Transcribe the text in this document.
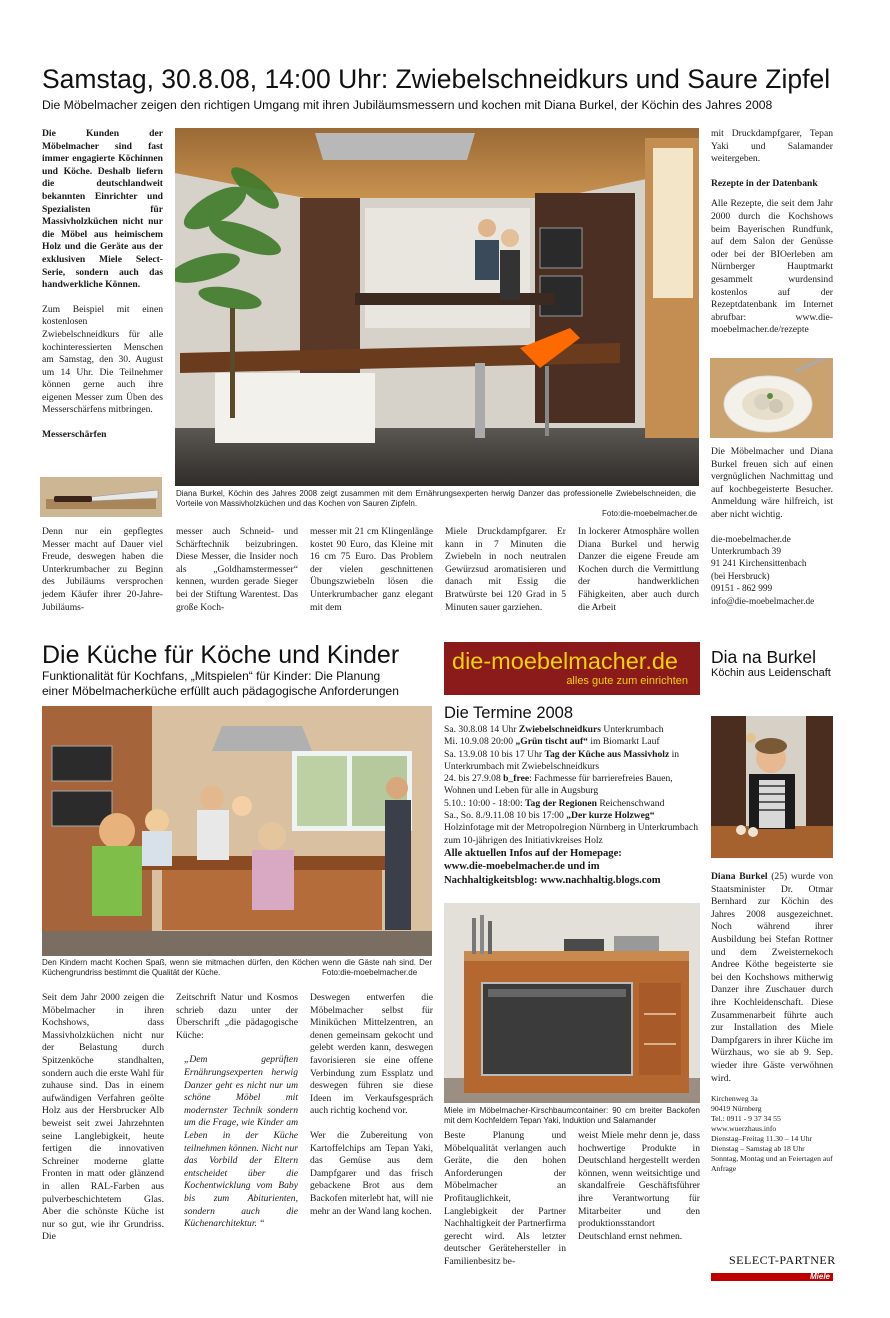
Samstag, 30.8.08, 14:00 Uhr: Zwiebelschneidkurs und Saure Zipfel
Die Möbelmacher zeigen den richtigen Umgang mit ihren Jubiläumsmessern und kochen mit Diana Burkel, der Köchin des Jahres 2008

Die Kunden der Möbelmacher sind fast immer engagierte Köchinnen und Köche. Deshalb liefern die deutschlandweit bekannten Einrichter und Spezialisten für Massivholzküchen nicht nur die Möbel aus heimischem Holz und die Geräte aus der exklusiven Miele Select-Serie, sondern auch das handwerkliche Können.

Zum Beispiel mit einen kostenlosen Zwiebelschneidkurs für alle kochinteressierten Menschen am Samstag, den 30. August um 14 Uhr. Die Teilnehmer können gerne auch ihre eigenen Messer zum Üben des Messerschärfens mitbringen.

Messerschärfen

Denn nur ein gepflegtes Messer macht auf Dauer viel Freude, deswegen haben die Unterkrumbacher zu Beginn des Jubiläums versprochen jedem Käufer ihrer 20-Jahre-Jubiläums-

Diana Burkel, Köchin des Jahres 2008 zeigt zusammen mit dem Ernährungsexperten herwig Danzer das professionelle Zwiebelschneiden, die Vorteile von Massivholzküchen und das Kochen von Sauren Zipfeln.
Foto:die-moebelmacher.de
messer auch Schneid- und Schärftechnik beizubringen. Diese Messer, die Insider noch als „Goldhamstermesser“ kennen, wurden gerade Sieger bei der Stiftung Warentest. Das große Koch-
messer mit 21 cm Klingenlänge kostet 90 Euro, das Kleine mit 16 cm 75 Euro. Das Problem der vielen geschnittenen Übungszwiebeln lösen die Unterkrumbacher ganz elegant mit dem
Miele Druckdampfgarer. Er kann in 7 Minuten die Zwiebeln in noch neutralen Gewürzsud aromatisieren und danach mit Essig die Bratwürste bei 120 Grad in 5 Minuten sauer garziehen.
In lockerer Atmosphäre wollen Diana Burkel und herwig Danzer die eigene Freude am Kochen durch die Vermittlung der handwerklichen Fähigkeiten, aber auch durch die Arbeit

mit Druckdampfgarer, Tepan Yaki und Salamander weitergeben.

Rezepte in der Datenbank

Alle Rezepte, die seit dem Jahr 2000 durch die Kochshows beim Bayerischen Rundfunk, auf dem Salon der Genüsse oder bei der BIOerleben am Nürnberger Hauptmarkt gesammelt wurdensind kostenlos auf der Rezeptdatenbank im Internet abrufbar: www.die-moebelmacher.de/rezepte

Die Möbelmacher und Diana Burkel freuen sich auf einen vergnüglichen Nachmittag und auf kochbegeisterte Besucher. Anmeldung wäre hilfreich, ist aber nicht wichtig.

die-moebelmacher.de
Unterkrumbach 39
91 241 Kirchensittenbach
(bei Hersbruck)
09151 - 862 999
info@die-moebelmacher.de
Die Küche für Köche und Kinder
Funktionalität für Kochfans, „Mitspielen“ für Kinder: Die Planung
einer Möbelmacherküche erfüllt auch pädagogische Anforderungen
Den Kindern macht Kochen Spaß, wenn sie mitmachen dürfen, den Köchen wenn die Gäste nah sind. Der Küchengrundriss bestimmt die Qualität der Küche.	Foto:die-moebelmacher.de
Seit dem Jahr 2000 zeigen die Möbelmacher in ihren Kochshows, dass Massivholzküchen nicht nur der Belastung durch Spitzenköche standhalten, sondern auch die erste Wahl für zuhause sind. Das in einem aufwändigen Verfahren geölte Holz aus der Hersbrucker Alb beweist seit zwei Jahrzehnten seine Langlebigkeit, heute fertigen die innovativen Schreiner moderne glatte Fronten in matt oder glänzend in allen RAL-Farben aus pulverbeschichtetem Glas. Aber die schönste Küche ist nur so gut, wie ihr Grundriss. Die

Zeitschrift Natur und Kosmos schrieb dazu unter der Überschrift „die pädagogische Küche:

„Dem geprüften Ernährungsexperten herwig Danzer geht es nicht nur um schöne Möbel mit modernster Technik sondern um die Frage, wie Kinder am Leben in der Küche teilnehmen können. Nicht nur das Vorbild der Eltern entscheidet über die Kochentwicklung vom Baby bis zum Abiturienten, sondern auch die Küchenarchitektur. “

Deswegen entwerfen die Möbelmacher selbst für Miniküchen Mittelzentren, an denen gemeinsam gekocht und gelebt werden kann, deswegen favorisieren sie eine offene Verbindung zum Essplatz und deswegen führen sie diese Ideen im Verkaufsgespräch auch richtig kochend vor.

Wer die Zubereitung von Kartoffelchips am Tepan Yaki, das Gemüse aus dem Dampfgarer und das frisch gebackene Brot aus dem Backofen miterlebt hat, will nie mehr an der Wand lang kochen.

die-moebelmacher.de
alles gute zum einrichten
Die Termine 2008
Sa. 30.8.08 14 Uhr Zwiebelschneidkurs Unterkrumbach
Mi. 10.9.08 20:00 „Grün tischt auf“ im Biomarkt Lauf
Sa. 13.9.08 10 bis 17 Uhr Tag der Küche aus Massivholz in Unterkrumbach mit Zwiebelschneidkurs
24. bis 27.9.08 b_free: Fachmesse für barrierefreies Bauen, Wohnen und Leben für alle in Augsburg
5.10.: 10:00 - 18:00: Tag der Regionen Reichenschwand
Sa., So. 8./9.11.08 10 bis 17:00 „Der kurze Holzweg“ Holzinfotage mit der Metropolregion Nürnberg in Unterkrumbach zum 10-jährigen des Initiativkreises Holz
Alle aktuellen Infos auf der Homepage:
www.die-moebelmacher.de und im
Nachhaltigkeitsblog: www.nachhaltig.blogs.com
Miele im Möbelmacher-Kirschbaumcontainer: 90 cm breiter Backofen mit dem Kochfeldern Tepan Yaki, Induktion und Salamander
Beste Planung und Möbelqualität verlangen auch Geräte, die den hohen Anforderungen der Möbelmacher an Profitauglichkeit, Langlebigkeit der Partner Nachhaltigkeit der Partnerfirma gerecht wird. Als letzter deutscher Gerätehersteller in Familienbesitz be-
weist Miele mehr denn je, dass hochwertige Produkte in Deutschland hergestellt werden können, wenn weitsichtige und skandalfreie Geschäftsführer ihre Verantwortung für Mitarbeiter und den produktionsstandort Deutschland ernst nehmen.
Dia na Burkel
Köchin aus Leidenschaft

Diana Burkel (25) wurde von Staatsminister Dr. Otmar Bernhard zur Köchin des Jahres 2008 ausgezeichnet. Noch während ihrer Ausbildung bei Stefan Rottner und dem Zweisternekoch Andree Köthe begeisterte sie bei den Kochshows mitherwig Danzer ihre Zuschauer durch ihre Kochleidenschaft. Diese Zusammenarbeit führte auch zur Installation des Miele Dampfgarers in ihrer Küche im Würzhaus, wo sie ab 9. Sep. wieder ihre Gäste verwöhnen wird.

Kirchenweg 3a
90419 Nürnberg
Tel.: 0911 - 9 37 34 55
www.wuerzhaus.info
Dienstag–Freitag 11.30 – 14 Uhr
Dienstag – Samstag ab 18 Uhr
Sonntag, Montag und an Feiertagen auf Anfrage
SELECT-PARTNER
Miele
